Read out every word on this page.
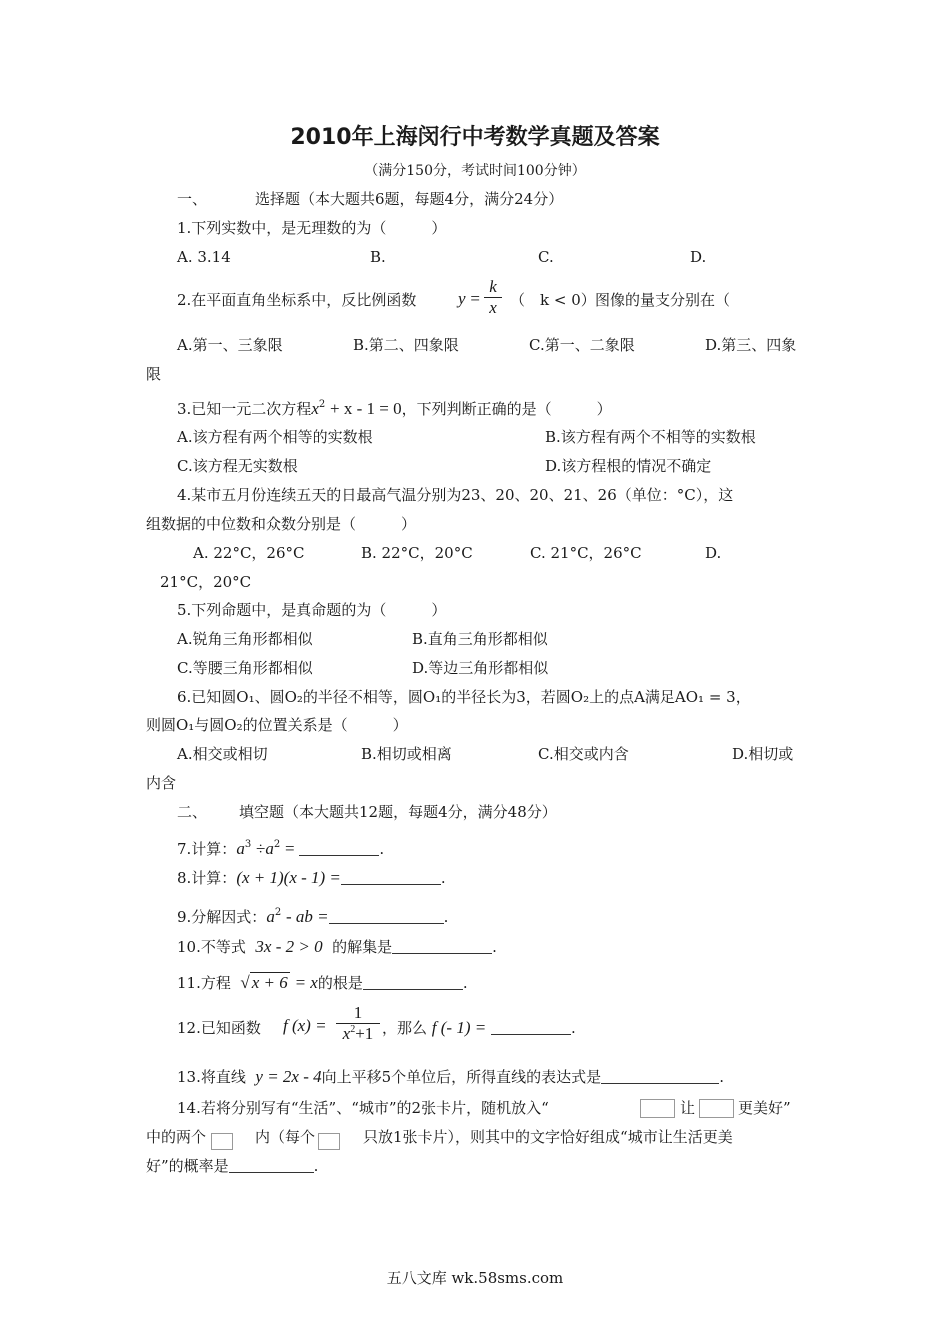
2010年上海闵行中考数学真题及答案
（满分150分，考试时间100分钟）
一、	选择题（本大题共6题，每题4分，满分24分）
1.下列实数中，是无理数的为（　　　）
A. 3.14	B.	C.	D.
2.在平面直角坐标系中，反比例函数 $y = \frac{k}{x}$ （　k < 0） 图像的量支分别在（
A.第一、三象限	B.第二、四象限	C.第一、二象限	D.第三、四象
限
3.已知一元二次方程$x^2 + x - 1 = 0$，下列判断正确的是（　　　）
A.该方程有两个相等的实数根	B.该方程有两个不相等的实数根
C.该方程无实数根	D.该方程根的情况不确定
4.某市五月份连续五天的日最高气温分别为23、20、20、21、26（单位：°C），这
组数据的中位数和众数分别是（　　　）
A. 22°C，26°C	B. 22°C，20°C	C. 21°C，26°C	D.
21°C，20°C
5.下列命题中，是真命题的为（　　　）
A.锐角三角形都相似	B.直角三角形都相似
C.等腰三角形都相似	D.等边三角形都相似
6.已知圆O₁、圆O₂的半径不相等，圆O₁的半径长为3，若圆O₂上的点A满足AO₁ = 3，
则圆O₁与圆O₂的位置关系是（　　　）
A.相交或相切	B.相切或相离	C.相交或内含	D.相切或
内含
二、 填空题（本大题共12题，每题4分，满分48分）
7.计算：$a^3 \div a^2$ =	.
8.计算：(x + 1)(x - 1) =	.
9.分解因式：$a^2$ - ab =	.
10.不等式 3x - 2 > 0 的解集是	.
11.方程 √ x + 6 = x的根是	.
12.已知函数 f $(x) = \frac{1}{x^2+1}$ ，那么 f (- 1) =	.
13.将直线 y = 2x - 4向上平移5个单位后，所得直线的表达式是	.
14.若将分别写有“生活”、“城市”的2张卡片，随机放入“	让	更美好”
中的两个	内（每个	只放1张卡片），则其中的文字恰好组成“城市让生活更美
好”的概率是	.
五八文库 wk.58sms.com
